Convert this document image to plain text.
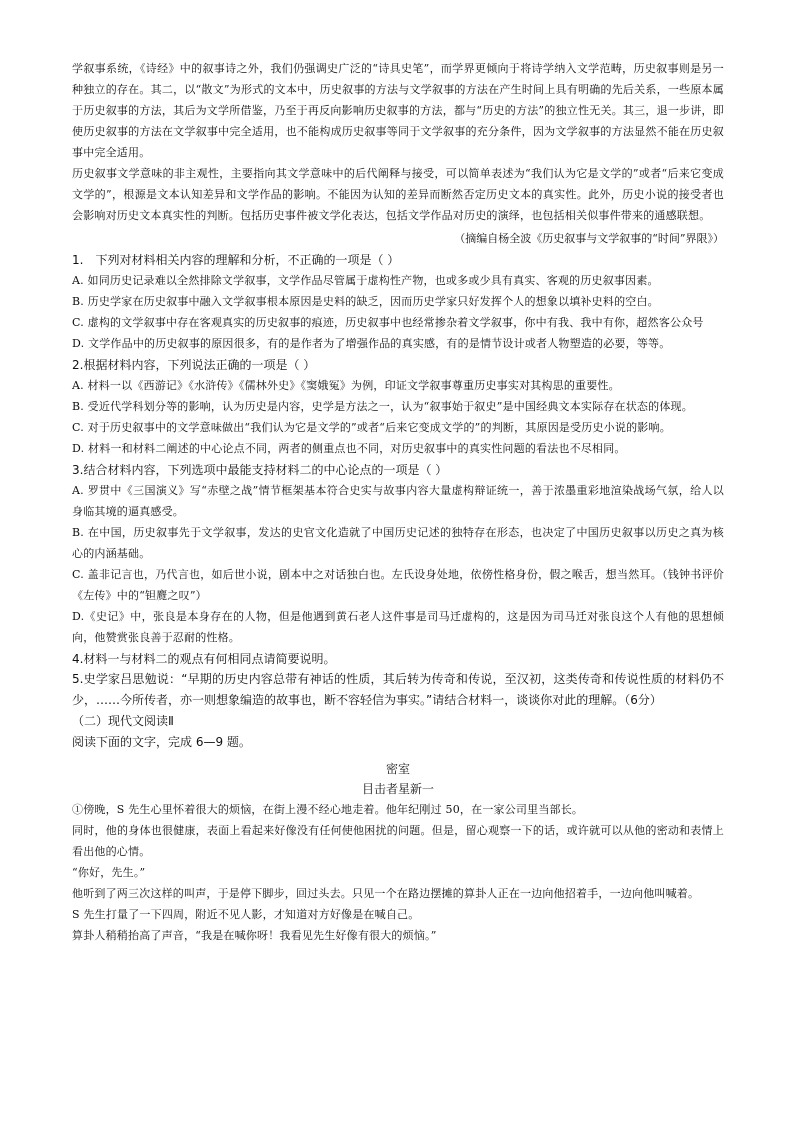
学叙事系统，《诗经》中的叙事诗之外，我们仍强调史广泛的“诗具史笔”，而学界更倾向于将诗学纳入文学范畴，历史叙事则是另一种独立的存在。其二，以“散文”为形式的文本中，历史叙事的方法与文学叙事的方法在产生时间上具有明确的先后关系，一些原本属于历史叙事的方法，其后为文学所借鉴，乃至于再反向影响历史叙事的方法，都与“历史的方法”的独立性无关。其三，退一步讲，即使历史叙事的方法在文学叙事中完全适用，也不能构成历史叙事等同于文学叙事的充分条件，因为文学叙事的方法显然不能在历史叙事中完全适用。

历史叙事文学意味的非主观性，主要指向其文学意味中的后代阐释与接受，可以简单表述为“我们认为它是文学的”或者“后来它变成文学的”，根源是文本认知差异和文学作品的影响。不能因为认知的差异而断然否定历史文本的真实性。此外，历史小说的接受者也会影响对历史文本真实性的判断。包括历史事件被文学化表达，包括文学作品对历史的演绎，也包括相关似事件带来的通感联想。

（摘编自杨全波《历史叙事与文学叙事的“时间”界限》）

1.　下列对材料相关内容的理解和分析，不正确的一项是（ ）

A. 如同历史记录难以全然排除文学叙事，文学作品尽管属于虚构性产物，也或多或少具有真实、客观的历史叙事因素。

B. 历史学家在历史叙事中融入文学叙事根本原因是史料的缺乏，因而历史学家只好发挥个人的想象以填补史料的空白。

C. 虚构的文学叙事中存在客观真实的历史叙事的痕迹，历史叙事中也经常掺杂着文学叙事，你中有我、我中有你，超然客公众号

D. 文学作品中的历史叙事的原因很多，有的是作者为了增强作品的真实感，有的是情节设计或者人物塑造的必要，等等。

2.根据材料内容，下列说法正确的一项是（ ）

A. 材料一以《西游记》《水浒传》《儒林外史》《窦娥冤》为例，印证文学叙事尊重历史事实对其构思的重要性。

B. 受近代学科划分等的影响，认为历史是内容，史学是方法之一，认为“叙事始于叙史”是中国经典文本实际存在状态的体现。

C. 对于历史叙事中的文学意味做出“我们认为它是文学的”或者“后来它变成文学的”的判断，其原因是受历史小说的影响。

D. 材料一和材料二阐述的中心论点不同，两者的侧重点也不同，对历史叙事中的真实性问题的看法也不尽相同。

3.结合材料内容，下列选项中最能支持材料二的中心论点的一项是（ ）

A. 罗贯中《三国演义》写“赤壁之战”情节框架基本符合史实与故事内容大量虚构辩证统一，善于浓墨重彩地渲染战场气氛，给人以身临其境的逼真感受。

B. 在中国，历史叙事先于文学叙事，发达的史官文化造就了中国历史记述的独特存在形态，也决定了中国历史叙事以历史之真为核心的内涵基础。

C. 盖非记言也，乃代言也，如后世小说，剧本中之对话独白也。左氏设身处地，依傍性格身份，假之喉舌，想当然耳。（钱钟书评价《左传》中的“钽麑之叹”）

D.《史记》中，张良是本身存在的人物，但是他遇到黄石老人这件事是司马迁虚构的，这是因为司马迁对张良这个人有他的思想倾向，他赞赏张良善于忍耐的性格。

4.材料一与材料二的观点有何相同点请简要说明。

5.史学家吕思勉说：“早期的历史内容总带有神话的性质，其后转为传奇和传说，至汉初，这类传奇和传说性质的材料仍不少，……今所传者，亦一则想象编造的故事也，断不容轻信为事实。”请结合材料一，谈谈你对此的理解。（6分）

（二）现代文阅读Ⅱ

阅读下面的文字，完成 6—9 题。

密室

目击者星新一

①傍晚，S 先生心里怀着很大的烦恼，在街上漫不经心地走着。他年纪刚过 50，在一家公司里当部长。

同时，他的身体也很健康，表面上看起来好像没有任何使他困扰的问题。但是，留心观察一下的话，或许就可以从他的密动和表情上看出他的心情。

“你好，先生。”

他听到了两三次这样的叫声，于是停下脚步，回过头去。只见一个在路边摆摊的算卦人正在一边向他招着手，一边向他叫喊着。

S 先生打量了一下四周，附近不见人影，才知道对方好像是在喊自己。

算卦人稍稍抬高了声音，“我是在喊你呀！我看见先生好像有很大的烦恼。”
